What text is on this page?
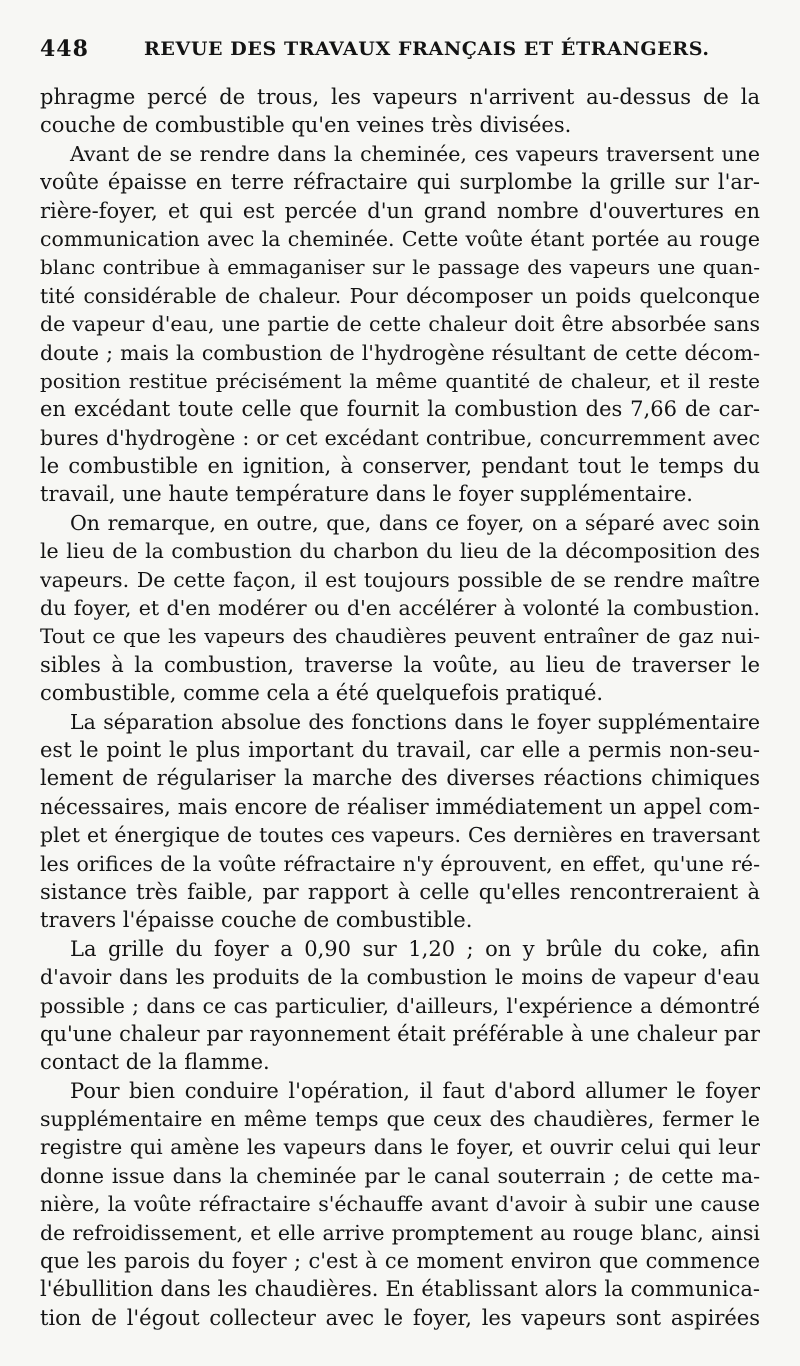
448	REVUE DES TRAVAUX FRANÇAIS ET ÉTRANGERS.
phragme percé de trous, les vapeurs n'arrivent au-dessus de la
couche de combustible qu'en veines très divisées.
Avant de se rendre dans la cheminée, ces vapeurs traversent une
voûte épaisse en terre réfractaire qui surplombe la grille sur l'ar-
rière-foyer, et qui est percée d'un grand nombre d'ouvertures en
communication avec la cheminée. Cette voûte étant portée au rouge
blanc contribue à emmaganiser sur le passage des vapeurs une quan-
tité considérable de chaleur. Pour décomposer un poids quelconque
de vapeur d'eau, une partie de cette chaleur doit être absorbée sans
doute ; mais la combustion de l'hydrogène résultant de cette décom-
position restitue précisément la même quantité de chaleur, et il reste
en excédant toute celle que fournit la combustion des 7,66 de car-
bures d'hydrogène : or cet excédant contribue, concurremment avec
le combustible en ignition, à conserver, pendant tout le temps du
travail, une haute température dans le foyer supplémentaire.
On remarque, en outre, que, dans ce foyer, on a séparé avec soin
le lieu de la combustion du charbon du lieu de la décomposition des
vapeurs. De cette façon, il est toujours possible de se rendre maître
du foyer, et d'en modérer ou d'en accélérer à volonté la combustion.
Tout ce que les vapeurs des chaudières peuvent entraîner de gaz nui-
sibles à la combustion, traverse la voûte, au lieu de traverser le
combustible, comme cela a été quelquefois pratiqué.
La séparation absolue des fonctions dans le foyer supplémentaire
est le point le plus important du travail, car elle a permis non-seu-
lement de régulariser la marche des diverses réactions chimiques
nécessaires, mais encore de réaliser immédiatement un appel com-
plet et énergique de toutes ces vapeurs. Ces dernières en traversant
les orifices de la voûte réfractaire n'y éprouvent, en effet, qu'une ré-
sistance très faible, par rapport à celle qu'elles rencontreraient à
travers l'épaisse couche de combustible.
La grille du foyer a 0,90 sur 1,20 ; on y brûle du coke, afin
d'avoir dans les produits de la combustion le moins de vapeur d'eau
possible ; dans ce cas particulier, d'ailleurs, l'expérience a démontré
qu'une chaleur par rayonnement était préférable à une chaleur par
contact de la flamme.
Pour bien conduire l'opération, il faut d'abord allumer le foyer
supplémentaire en même temps que ceux des chaudières, fermer le
registre qui amène les vapeurs dans le foyer, et ouvrir celui qui leur
donne issue dans la cheminée par le canal souterrain ; de cette ma-
nière, la voûte réfractaire s'échauffe avant d'avoir à subir une cause
de refroidissement, et elle arrive promptement au rouge blanc, ainsi
que les parois du foyer ; c'est à ce moment environ que commence
l'ébullition dans les chaudières. En établissant alors la communica-
tion de l'égout collecteur avec le foyer, les vapeurs sont aspirées
